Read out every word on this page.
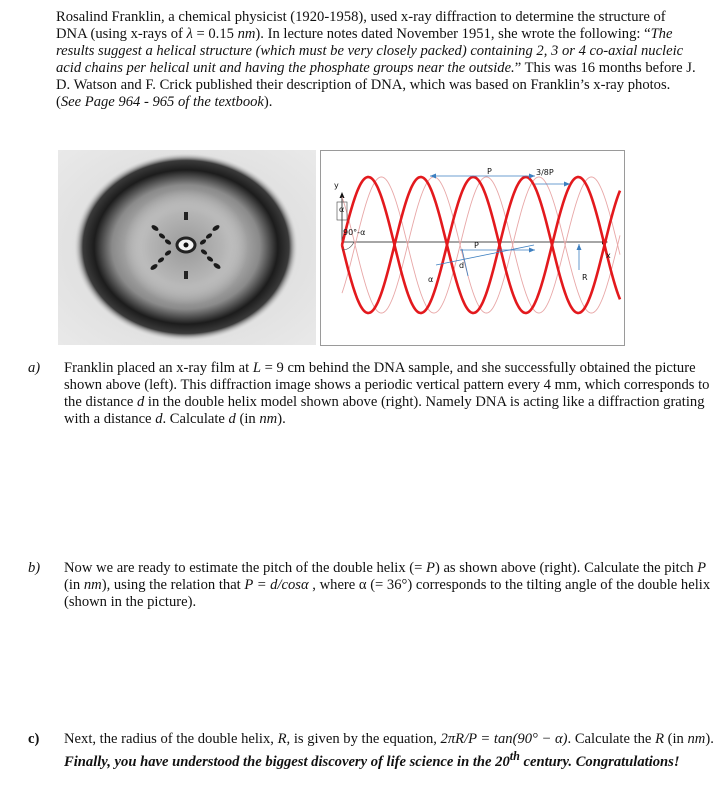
Rosalind Franklin, a chemical physicist (1920-1958), used x-ray diffraction to determine the structure of DNA (using x-rays of λ = 0.15 nm). In lecture notes dated November 1951, she wrote the following: “The results suggest a helical structure (which must be very closely packed) containing 2, 3 or 4 co-axial nucleic acid chains per helical unit and having the phosphate groups near the outside.” This was 16 months before J. D. Watson and F. Crick published their description of DNA, which was based on Franklin’s x-ray photos. (See Page 964 - 965 of the textbook).
P	3/8P
y
α
90°-α
P
d
α
x
R
a) Franklin placed an x-ray film at L = 9 cm behind the DNA sample, and she successfully obtained the picture shown above (left). This diffraction image shows a periodic vertical pattern every 4 mm, which corresponds to the distance d in the double helix model shown above (right). Namely DNA is acting like a diffraction grating with a distance d. Calculate d (in nm).
b) Now we are ready to estimate the pitch of the double helix (= P) as shown above (right). Calculate the pitch P (in nm), using the relation that P = d/cosα , where α (= 36°) corresponds to the tilting angle of the double helix (shown in the picture).
c) Next, the radius of the double helix, R, is given by the equation, 2πR/P = tan(90° − α). Calculate the R (in nm). Finally, you have understood the biggest discovery of life science in the 20th century. Congratulations!
